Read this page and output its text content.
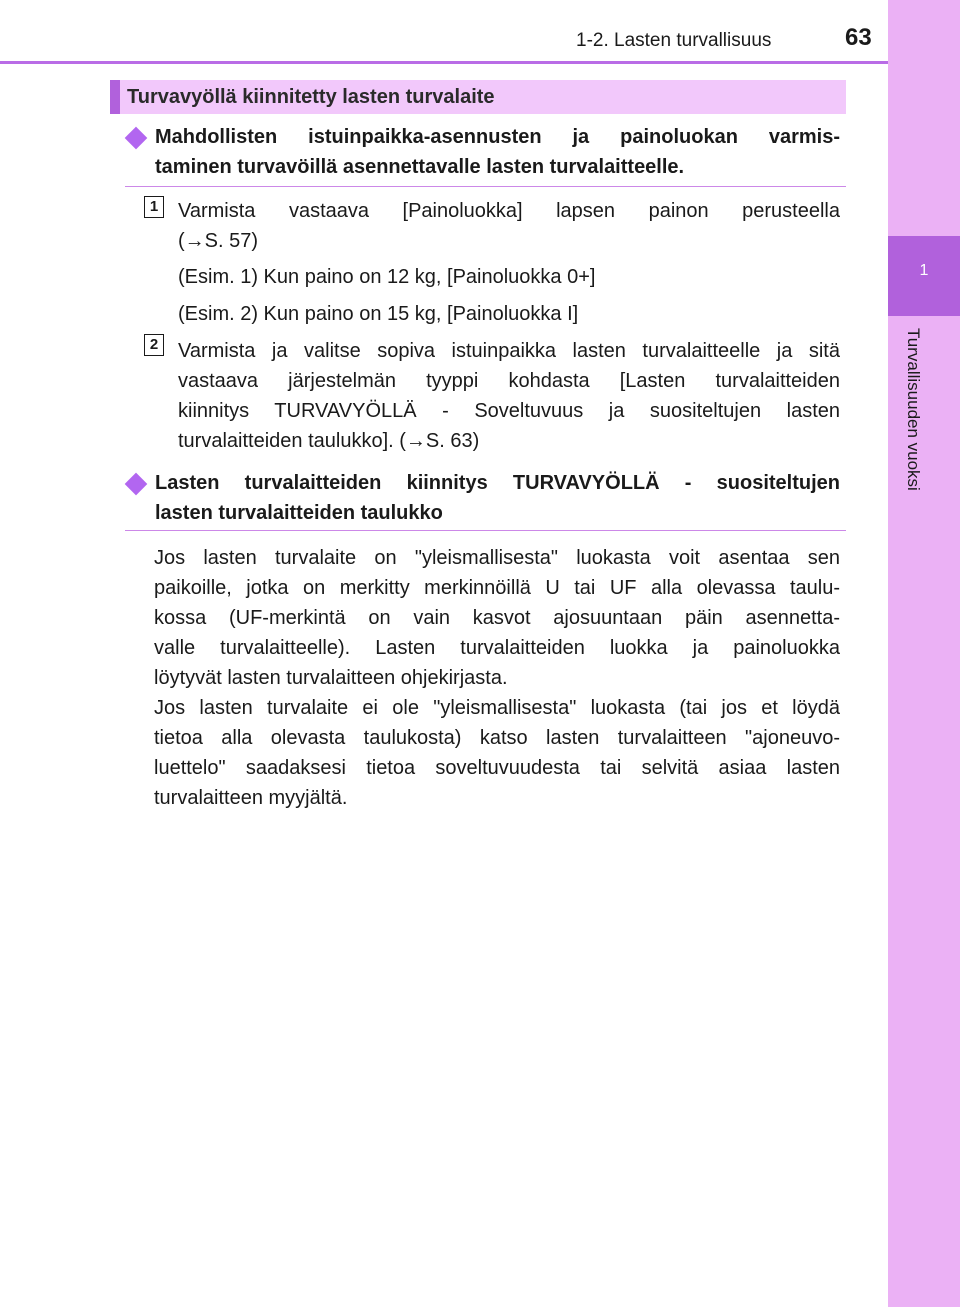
1-2. Lasten turvallisuus	63
1
Turvallisuuden vuoksi
Turvavyöllä kiinnitetty lasten turvalaite
Mahdollisten istuinpaikka-asennusten ja painoluokan varmis-
taminen turvavöillä asennettavalle lasten turvalaitteelle.
1 Varmista vastaava [Painoluokka] lapsen painon perusteella
(→S. 57)
(Esim. 1) Kun paino on 12 kg, [Painoluokka 0+]
(Esim. 2) Kun paino on 15 kg, [Painoluokka I]
2 Varmista ja valitse sopiva istuinpaikka lasten turvalaitteelle ja sitä
vastaava järjestelmän tyyppi kohdasta [Lasten turvalaitteiden
kiinnitys TURVAVYÖLLÄ - Soveltuvuus ja suositeltujen lasten
turvalaitteiden taulukko]. (→S. 63)
Lasten turvalaitteiden kiinnitys TURVAVYÖLLÄ - suositeltujen
lasten turvalaitteiden taulukko
Jos lasten turvalaite on "yleismallisesta" luokasta voit asentaa sen
paikoille, jotka on merkitty merkinnöillä U tai UF alla olevassa taulu-
kossa (UF-merkintä on vain kasvot ajosuuntaan päin asennetta-
valle turvalaitteelle). Lasten turvalaitteiden luokka ja painoluokka
löytyvät lasten turvalaitteen ohjekirjasta.
Jos lasten turvalaite ei ole "yleismallisesta" luokasta (tai jos et löydä
tietoa alla olevasta taulukosta) katso lasten turvalaitteen "ajoneuvo-
luettelo" saadaksesi tietoa soveltuvuudesta tai selvitä asiaa lasten
turvalaitteen myyjältä.
